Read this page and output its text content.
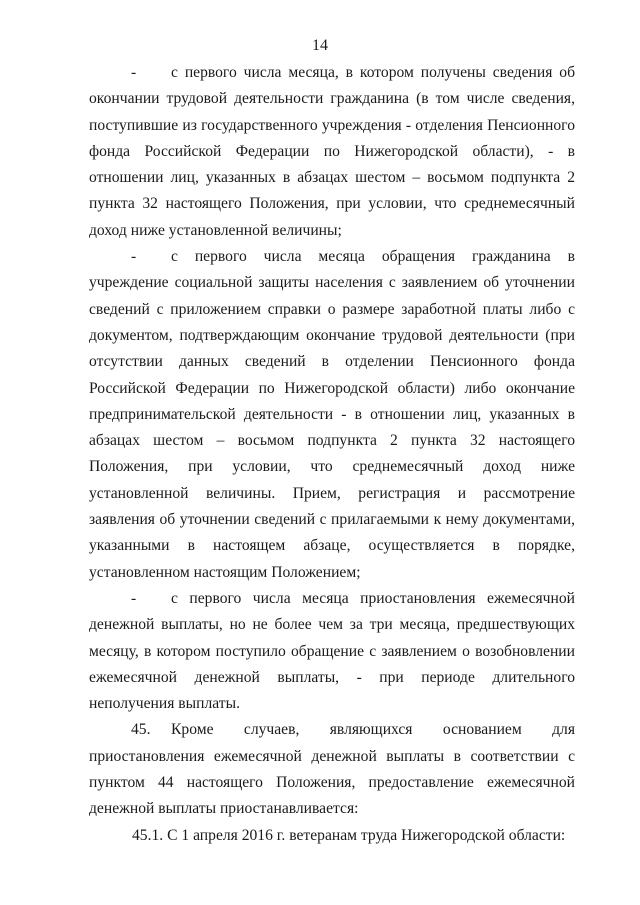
14

- с первого числа месяца, в котором получены сведения об окончании трудовой деятельности гражданина (в том числе сведения, поступившие из государственного учреждения - отделения Пенсионного фонда Российской Федерации по Нижегородской области), - в отношении лиц, указанных в абзацах шестом – восьмом подпункта 2 пункта 32 настоящего Положения, при условии, что среднемесячный доход ниже установленной величины;

- с первого числа месяца обращения гражданина в учреждение социальной защиты населения с заявлением об уточнении сведений с приложением справки о размере заработной платы либо с документом, подтверждающим окончание трудовой деятельности (при отсутствии данных сведений в отделении Пенсионного фонда Российской Федерации по Нижегородской области) либо окончание предпринимательской деятельности - в отношении лиц, указанных в абзацах шестом – восьмом подпункта 2 пункта 32 настоящего Положения, при условии, что среднемесячный доход ниже установленной величины. Прием, регистрация и рассмотрение заявления об уточнении сведений с прилагаемыми к нему документами, указанными в настоящем абзаце, осуществляется в порядке, установленном настоящим Положением;

- с первого числа месяца приостановления ежемесячной денежной выплаты, но не более чем за три месяца, предшествующих месяцу, в котором поступило обращение с заявлением о возобновлении ежемесячной денежной выплаты, - при периоде длительного неполучения выплаты.

45. Кроме случаев, являющихся основанием для приостановления ежемесячной денежной выплаты в соответствии с пунктом 44 настоящего Положения, предоставление ежемесячной денежной выплаты приостанавливается:

45.1. С 1 апреля 2016 г. ветеранам труда Нижегородской области:
